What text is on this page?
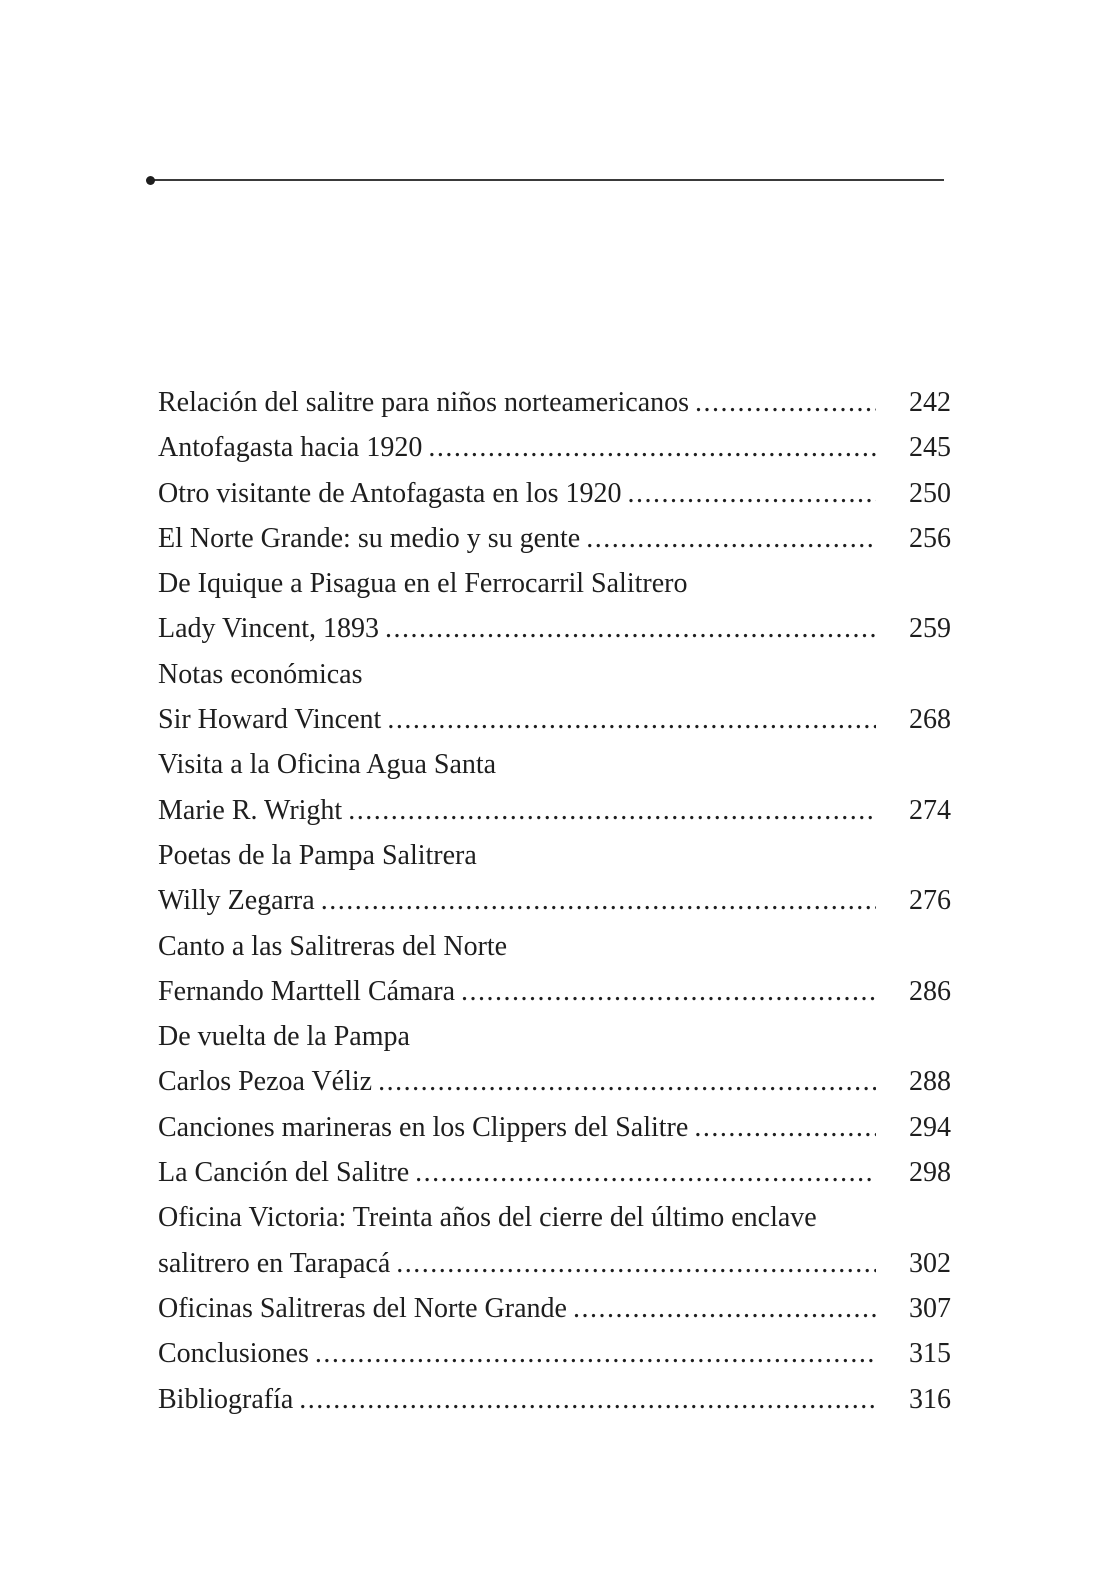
Relación del salitre para niños norteamericanos .....	242
Antofagasta hacia 1920 .....	245
Otro visitante de Antofagasta en los 1920 .....	250
El Norte Grande: su medio y su gente .....	256
De Iquique a Pisagua en el Ferrocarril Salitrero
Lady Vincent, 1893 .....	259
Notas económicas
Sir Howard Vincent .....	268
Visita a la Oficina Agua Santa
Marie R. Wright .....	274
Poetas de la Pampa Salitrera
Willy Zegarra .....	276
Canto a las Salitreras del Norte
Fernando Marttell Cámara .....	286
De vuelta de la Pampa
Carlos Pezoa Véliz .....	288
Canciones marineras en los Clippers del Salitre .....	294
La Canción del Salitre .....	298
Oficina Victoria: Treinta años del cierre del último enclave
salitrero en Tarapacá .....	302
Oficinas Salitreras del Norte Grande .....	307
Conclusiones .....	315
Bibliografía .....	316
